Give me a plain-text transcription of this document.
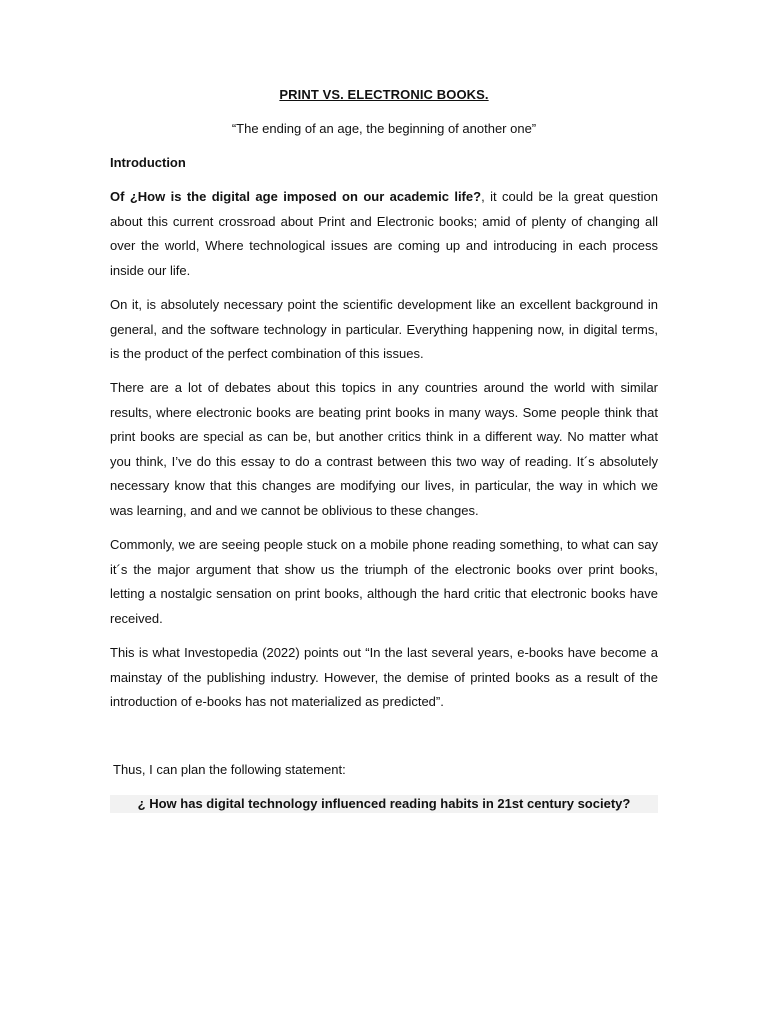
PRINT VS. ELECTRONIC BOOKS.
“The ending of an age, the beginning of another one”
Introduction
Of ¿How is the digital age imposed on our academic life?, it could be la great question about this current crossroad about Print and Electronic books; amid of plenty of changing all over the world, Where technological issues are coming up and introducing in each process inside our life.
On it, is absolutely necessary point the scientific development like an excellent background in general, and the software technology in particular. Everything happening now, in digital terms, is the product of the perfect combination of this issues.
There are a lot of debates about this topics in any countries around the world with similar results, where electronic books are beating print books in many ways. Some people think that print books are special as can be, but another critics think in a different way. No matter what you think, I’ve do this essay to do a contrast between this two way of reading. It´s absolutely necessary know that this changes are modifying our lives, in particular, the way in which we was learning, and and we cannot be oblivious to these changes.
Commonly, we are seeing people stuck on a mobile phone reading something, to what can say it´s the major argument that show us the triumph of the electronic books over print books, letting a nostalgic sensation on print books, although the hard critic that electronic books have received.
This is what Investopedia (2022) points out “In the last several years, e-books have become a mainstay of the publishing industry. However, the demise of printed books as a result of the introduction of e-books has not materialized as predicted”.
Thus, I can plan the following statement:
¿ How has digital technology influenced reading habits in 21st century society?
